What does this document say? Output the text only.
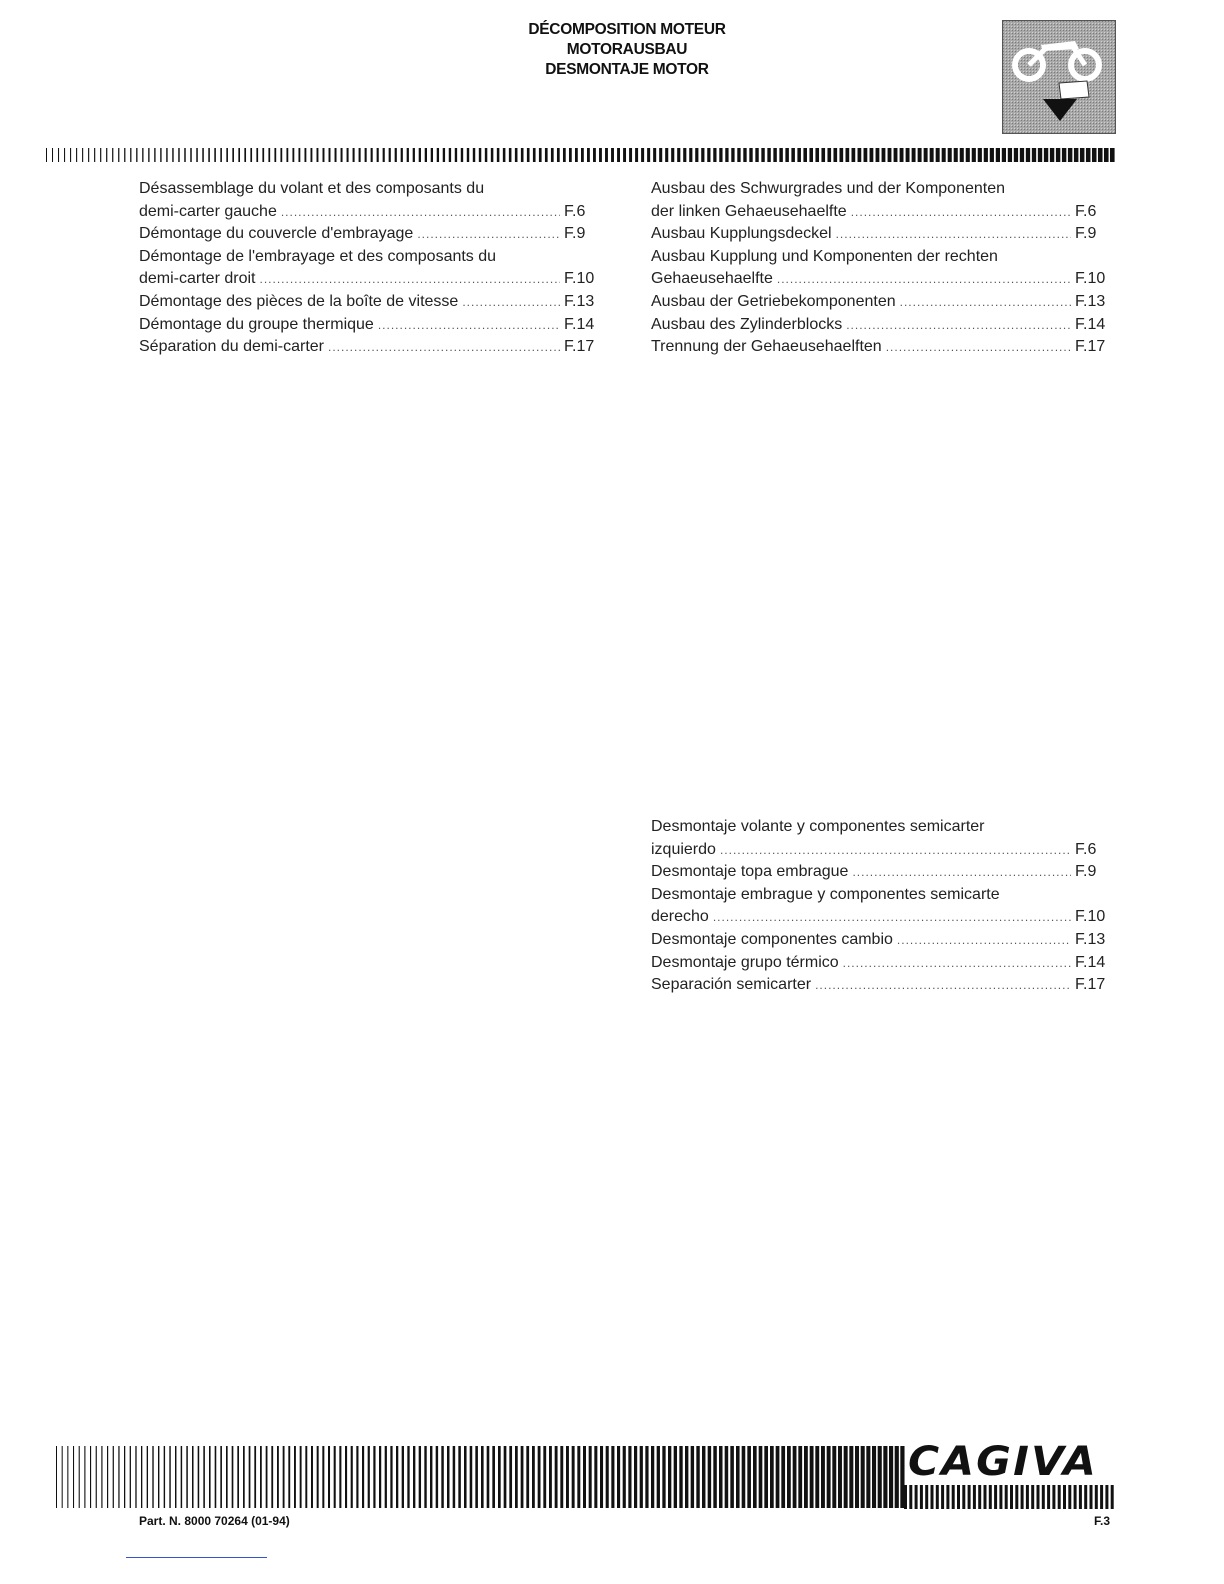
DÉCOMPOSITION MOTEUR
MOTORAUSBAU
DESMONTAJE MOTOR
Désassemblage du volant et des composants du
demi-carter gauche .....	F.6
Démontage du couvercle d'embrayage .....	F.9
Démontage de l'embrayage et des composants du
demi-carter droit .....	F.10
Démontage des pièces de la boîte de vitesse .....	F.13
Démontage du groupe thermique .....	F.14
Séparation du demi-carter .....	F.17
Ausbau des Schwurgrades und der Komponenten
der linken Gehaeusehaelfte .....	F.6
Ausbau Kupplungsdeckel .....	F.9
Ausbau Kupplung und Komponenten der rechten
Gehaeusehaelfte .....	F.10
Ausbau der Getriebekomponenten .....	F.13
Ausbau des Zylinderblocks .....	F.14
Trennung der Gehaeusehaelften .....	F.17
Desmontaje volante y componentes semicarter
izquierdo .....	F.6
Desmontaje topa embrague .....	F.9
Desmontaje embrague y componentes semicarte
derecho .....	F.10
Desmontaje componentes cambio .....	F.13
Desmontaje grupo térmico .....	F.14
Separación semicarter .....	F.17
CAGIVA
Part. N. 8000 70264 (01-94)	F.3
